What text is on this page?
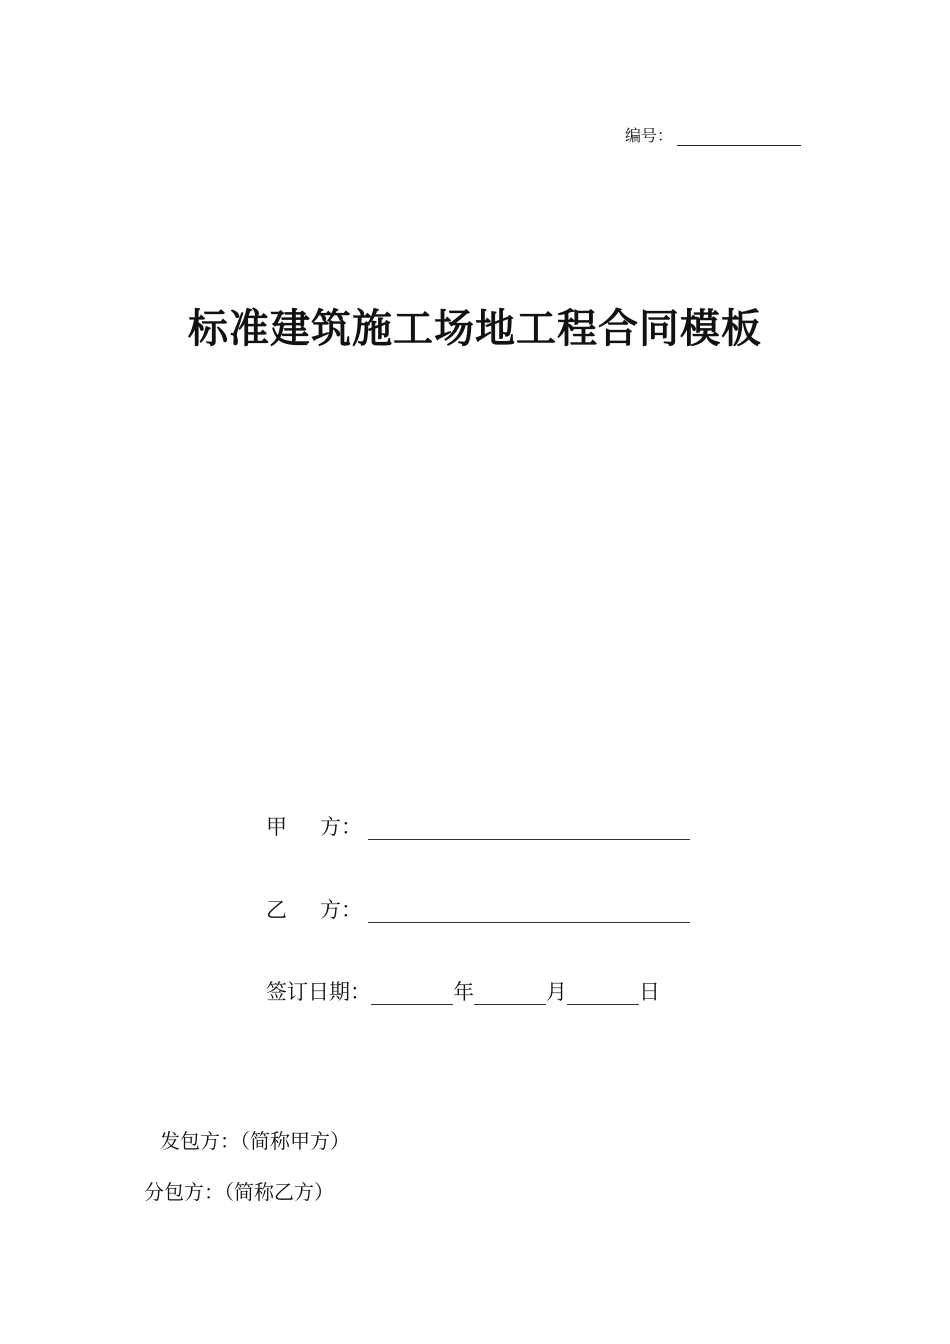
编号：
标准建筑施工场地工程合同模板
甲 方 ：
乙 方 ：
签订日期：	年	月	日
发包方：（简称甲方）
分包方：（简称乙方）
